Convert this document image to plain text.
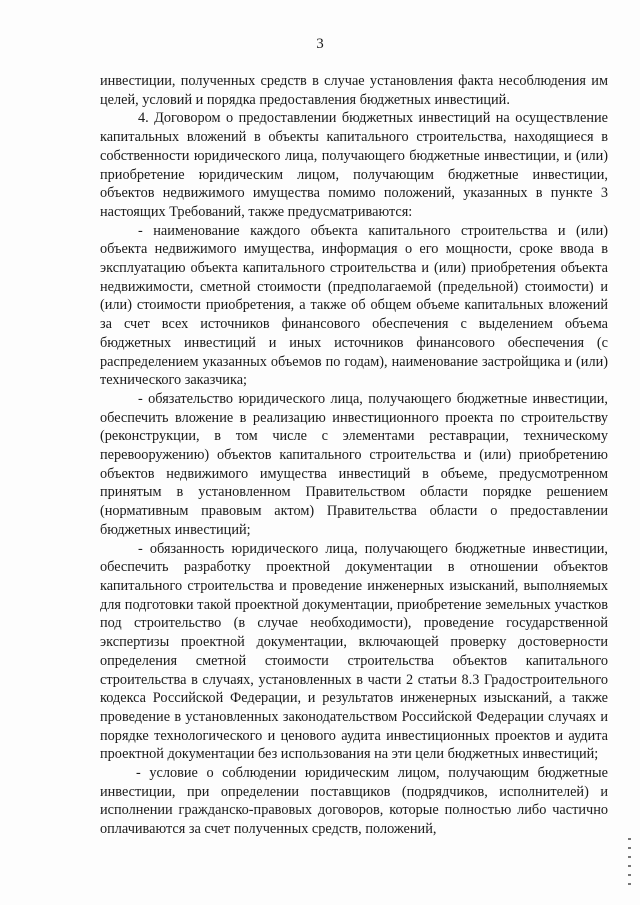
3

инвестиции, полученных средств в случае установления факта несоблюдения им целей, условий и порядка предоставления бюджетных инвестиций.

4. Договором о предоставлении бюджетных инвестиций на осуществление капитальных вложений в объекты капитального строительства, находящиеся в собственности юридического лица, получающего бюджетные инвестиции, и (или) приобретение юридическим лицом, получающим бюджетные инвестиции, объектов недвижимого имущества помимо положений, указанных в пункте 3 настоящих Требований, также предусматриваются:

- наименование каждого объекта капитального строительства и (или) объекта недвижимого имущества, информация о его мощности, сроке ввода в эксплуатацию объекта капитального строительства и (или) приобретения объекта недвижимости, сметной стоимости (предполагаемой (предельной) стоимости) и (или) стоимости приобретения, а также об общем объеме капитальных вложений за счет всех источников финансового обеспечения с выделением объема бюджетных инвестиций и иных источников финансового обеспечения (с распределением указанных объемов по годам), наименование застройщика и (или) технического заказчика;

- обязательство юридического лица, получающего бюджетные инвестиции, обеспечить вложение в реализацию инвестиционного проекта по строительству (реконструкции, в том числе с элементами реставрации, техническому перевооружению) объектов капитального строительства и (или) приобретению объектов недвижимого имущества инвестиций в объеме, предусмотренном принятым в установленном Правительством области порядке решением (нормативным правовым актом) Правительства области о предоставлении бюджетных инвестиций;

- обязанность юридического лица, получающего бюджетные инвестиции, обеспечить разработку проектной документации в отношении объектов капитального строительства и проведение инженерных изысканий, выполняемых для подготовки такой проектной документации, приобретение земельных участков под строительство (в случае необходимости), проведение государственной экспертизы проектной документации, включающей проверку достоверности определения сметной стоимости строительства объектов капитального строительства в случаях, установленных в части 2 статьи 8.3 Градостроительного кодекса Российской Федерации, и результатов инженерных изысканий, а также проведение в установленных законодательством Российской Федерации случаях и порядке технологического и ценового аудита инвестиционных проектов и аудита проектной документации без использования на эти цели бюджетных инвестиций;

- условие о соблюдении юридическим лицом, получающим бюджетные инвестиции, при определении поставщиков (подрядчиков, исполнителей) и исполнении гражданско-правовых договоров, которые полностью либо частично оплачиваются за счет полученных средств, положений,
